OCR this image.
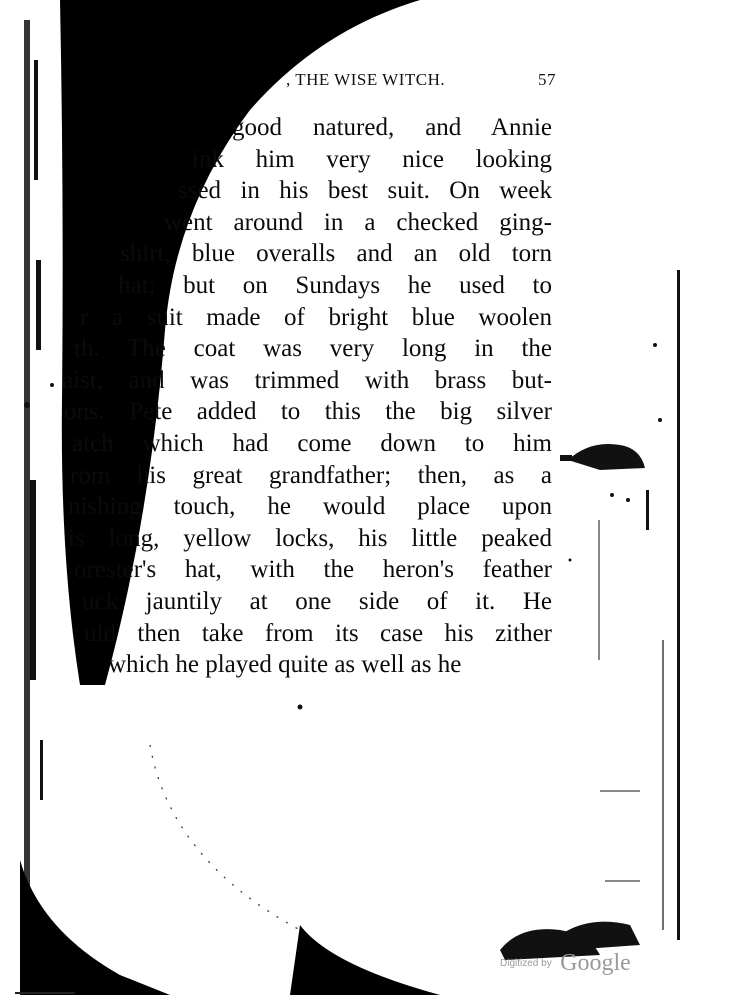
, THE WISE WITCH.	57
good natured, and Annie
ink him very nice looking
ssed in his best suit. On week
went around in a checked ging-
shirt, blue overalls and an old torn
hat; but on Sundays he used to
r a suit made of bright blue woolen
th. The coat was very long in the
aist, and was trimmed with brass but-
ons. Pete added to this the big silver
atch which had come down to him
rom his great grandfather; then, as a
nishing touch, he would place upon
is long, yellow locks, his little peaked
orester's hat, with the heron's feather
uck jauntily at one side of it. He
uld then take from its case his zither
which he played quite as well as he
Digitized by Google
